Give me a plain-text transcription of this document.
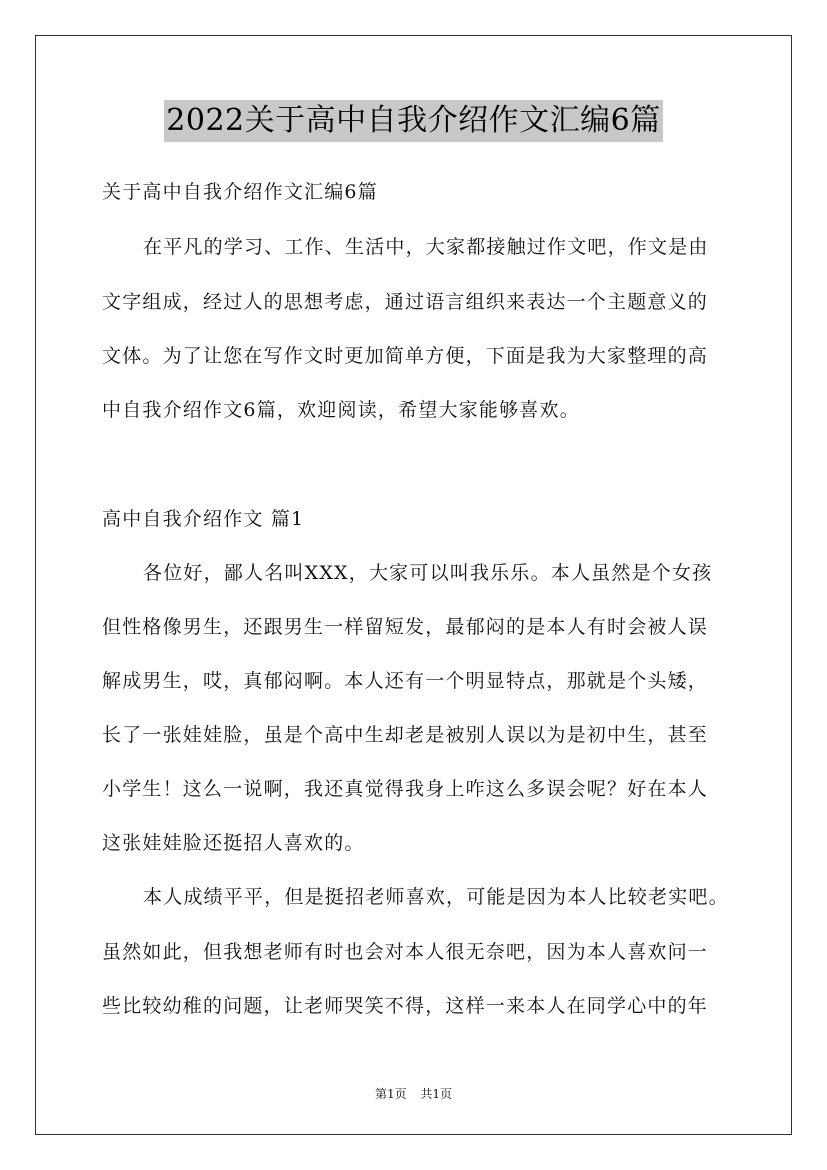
2022关于高中自我介绍作文汇编6篇
关于高中自我介绍作文汇编6篇
在平凡的学习、工作、生活中，大家都接触过作文吧，作文是由
文字组成，经过人的思想考虑，通过语言组织来表达一个主题意义的
文体。为了让您在写作文时更加简单方便，下面是我为大家整理的高
中自我介绍作文6篇，欢迎阅读，希望大家能够喜欢。
高中自我介绍作文 篇1
各位好，鄙人名叫XXX，大家可以叫我乐乐。本人虽然是个女孩
但性格像男生，还跟男生一样留短发，最郁闷的是本人有时会被人误
解成男生，哎，真郁闷啊。本人还有一个明显特点，那就是个头矮，
长了一张娃娃脸，虽是个高中生却老是被别人误以为是初中生，甚至
小学生！这么一说啊，我还真觉得我身上咋这么多误会呢？好在本人
这张娃娃脸还挺招人喜欢的。
本人成绩平平，但是挺招老师喜欢，可能是因为本人比较老实吧。
虽然如此，但我想老师有时也会对本人很无奈吧，因为本人喜欢问一
些比较幼稚的问题，让老师哭笑不得，这样一来本人在同学心中的年
第1页 共1页
